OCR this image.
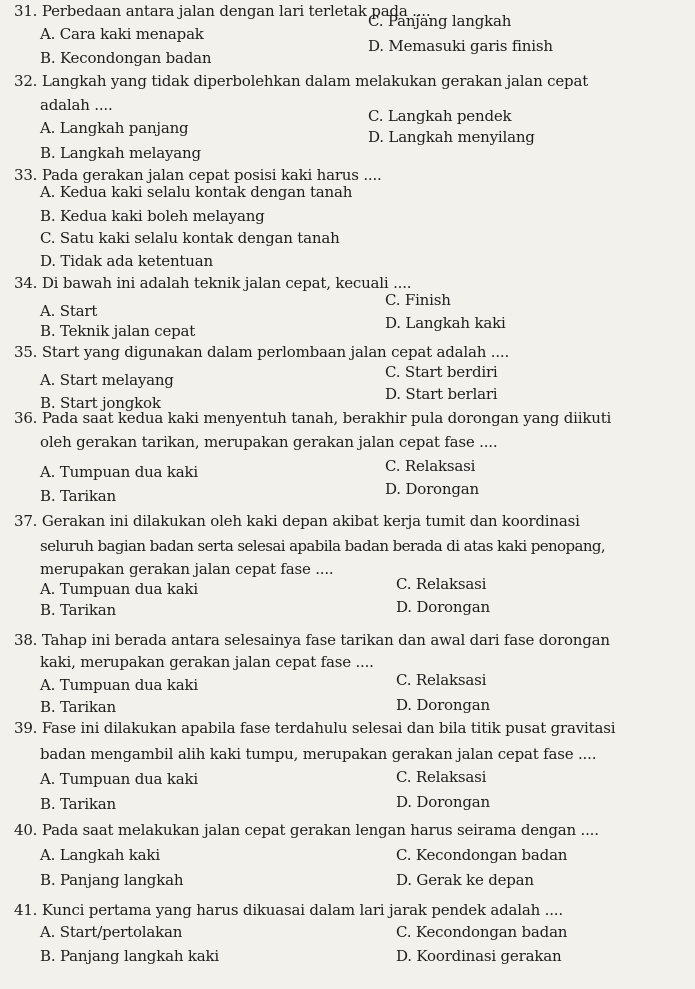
31. Perbedaan antara jalan dengan lari terletak pada ....
A. Cara kaki menapak
B. Kecondongan badan
C. Panjang langkah
D. Memasuki garis finish
32. Langkah yang tidak diperbolehkan dalam melakukan gerakan jalan cepat
adalah ....
A. Langkah panjang
B. Langkah melayang
C. Langkah pendek
D. Langkah menyilang
33. Pada gerakan jalan cepat posisi kaki harus ....
A. Kedua kaki selalu kontak dengan tanah
B. Kedua kaki boleh melayang
C. Satu kaki selalu kontak dengan tanah
D. Tidak ada ketentuan
34. Di bawah ini adalah teknik jalan cepat, kecuali ....
A. Start
B. Teknik jalan cepat
C. Finish
D. Langkah kaki
35. Start yang digunakan dalam perlombaan jalan cepat adalah ....
A. Start melayang
B. Start jongkok
C. Start berdiri
D. Start berlari
36. Pada saat kedua kaki menyentuh tanah, berakhir pula dorongan yang diikuti
oleh gerakan tarikan, merupakan gerakan jalan cepat fase ....
A. Tumpuan dua kaki
B. Tarikan
C. Relaksasi
D. Dorongan
37. Gerakan ini dilakukan oleh kaki depan akibat kerja tumit dan koordinasi
seluruh bagian badan serta selesai apabila badan berada di atas kaki penopang,
merupakan gerakan jalan cepat fase ....
A. Tumpuan dua kaki
B. Tarikan
C. Relaksasi
D. Dorongan
38. Tahap ini berada antara selesainya fase tarikan dan awal dari fase dorongan
kaki, merupakan gerakan jalan cepat fase ....
A. Tumpuan dua kaki
B. Tarikan
C. Relaksasi
D. Dorongan
39. Fase ini dilakukan apabila fase terdahulu selesai dan bila titik pusat gravitasi
badan mengambil alih kaki tumpu, merupakan gerakan jalan cepat fase ....
A. Tumpuan dua kaki
B. Tarikan
C. Relaksasi
D. Dorongan
40. Pada saat melakukan jalan cepat gerakan lengan harus seirama dengan ....
A. Langkah kaki
B. Panjang langkah
C. Kecondongan badan
D. Gerak ke depan
41. Kunci pertama yang harus dikuasai dalam lari jarak pendek adalah ....
A. Start/pertolakan
B. Panjang langkah kaki
C. Kecondongan badan
D. Koordinasi gerakan
